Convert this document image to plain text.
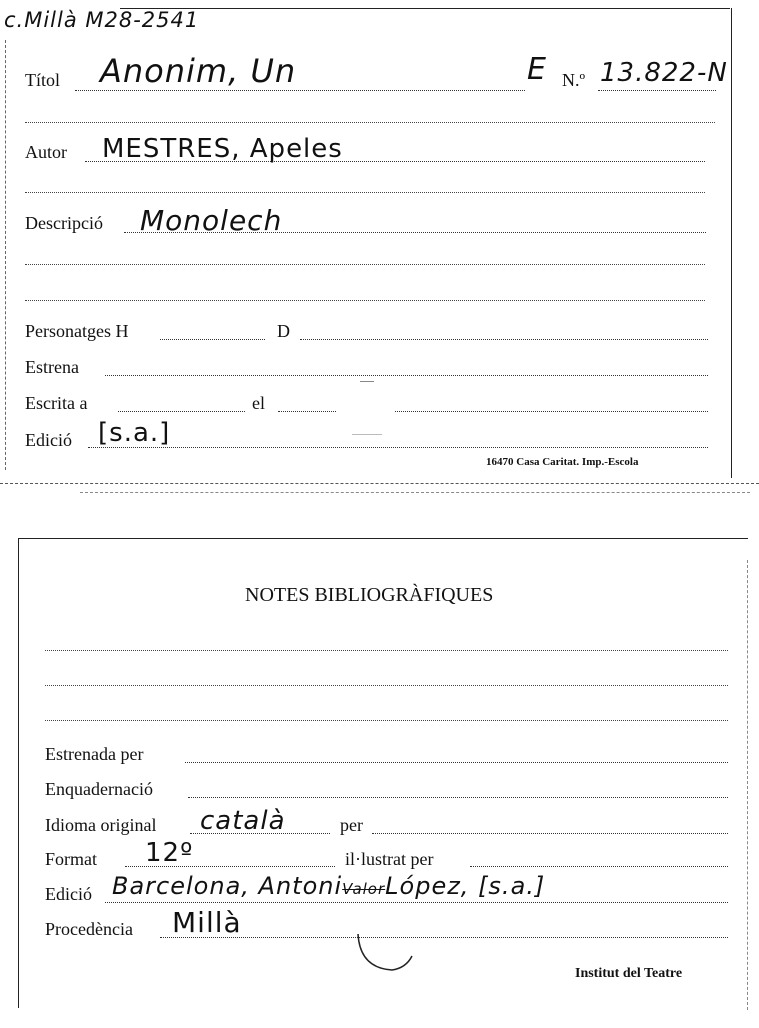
c.Millà M28-2541
Títol Anonim, Un	E N.º 13.822-N
Autor MESTRES, Apeles
Descripció Monolech
Personatges H	D
Estrena
Escrita a	el
Edició [s.a.]
16470 Casa Caritat. Imp.-Escola
NOTES BIBLIOGRÀFIQUES
Estrenada per
Enquadernació
Idioma original català	per
Format 12º	il·lustrat per
Edició Barcelona, AntoniValorLópez, [s.a.]
Procedència Millà
Institut del Teatre
